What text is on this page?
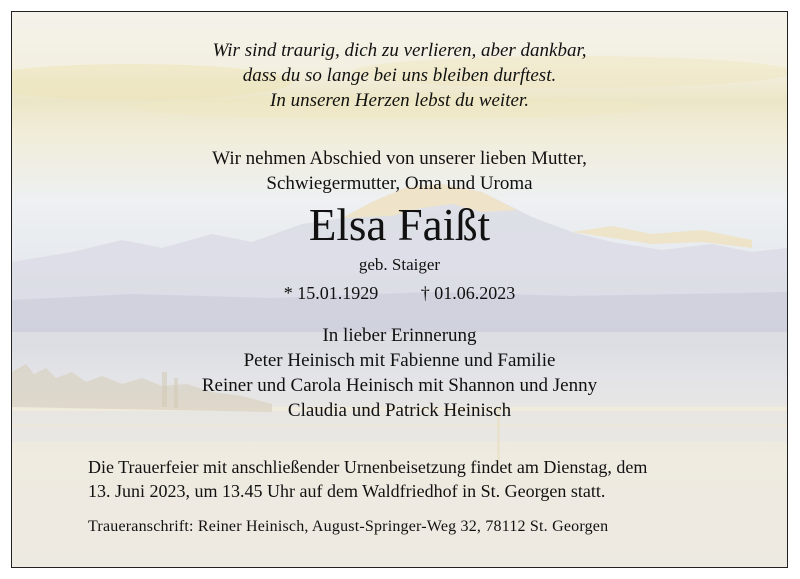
Wir sind traurig, dich zu verlieren, aber dankbar,
dass du so lange bei uns bleiben durftest.
In unseren Herzen lebst du weiter.
Wir nehmen Abschied von unserer lieben Mutter,
Schwiegermutter, Oma und Uroma
Elsa Faißt
geb. Staiger
* 15.01.1929 † 01.06.2023
In lieber Erinnerung
Peter Heinisch mit Fabienne und Familie
Reiner und Carola Heinisch mit Shannon und Jenny
Claudia und Patrick Heinisch
Die Trauerfeier mit anschließender Urnenbeisetzung findet am Dienstag, dem
13. Juni 2023, um 13.45 Uhr auf dem Waldfriedhof in St. Georgen statt.
Traueranschrift: Reiner Heinisch, August-Springer-Weg 32, 78112 St. Georgen
